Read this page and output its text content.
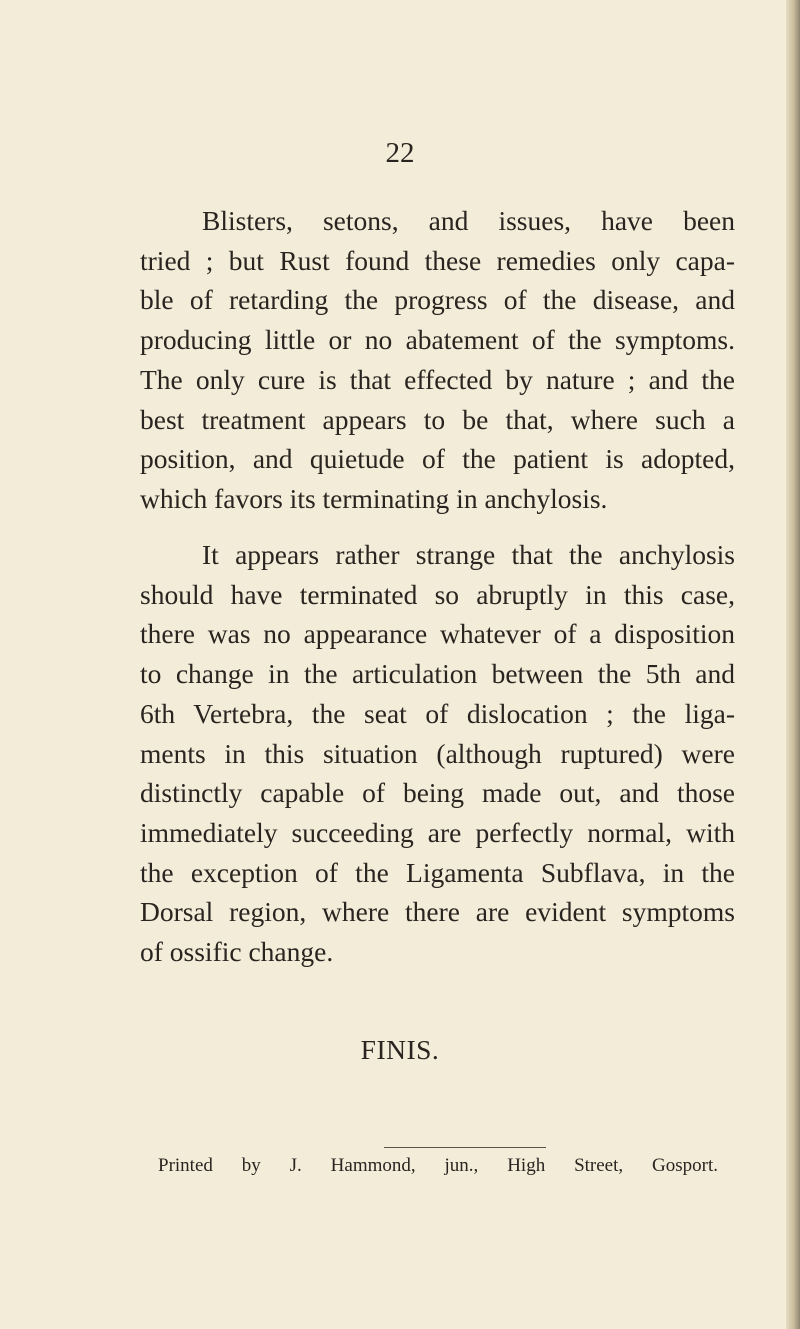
22

Blisters, setons, and issues, have been
tried ; but Rust found these remedies only capa-
ble of retarding the progress of the disease, and
producing little or no abatement of the symptoms.
The only cure is that effected by nature ; and the
best treatment appears to be that, where such a
position, and quietude of the patient is adopted,
which favors its terminating in anchylosis.

It appears rather strange that the anchylosis
should have terminated so abruptly in this case,
there was no appearance whatever of a disposition
to change in the articulation between the 5th and
6th Vertebra, the seat of dislocation ; the liga-
ments in this situation (although ruptured) were
distinctly capable of being made out, and those
immediately succeeding are perfectly normal, with
the exception of the Ligamenta Subflava, in the
Dorsal region, where there are evident symptoms
of ossific change.

FINIS.
Printed by J. Hammond, jun., High Street, Gosport.
